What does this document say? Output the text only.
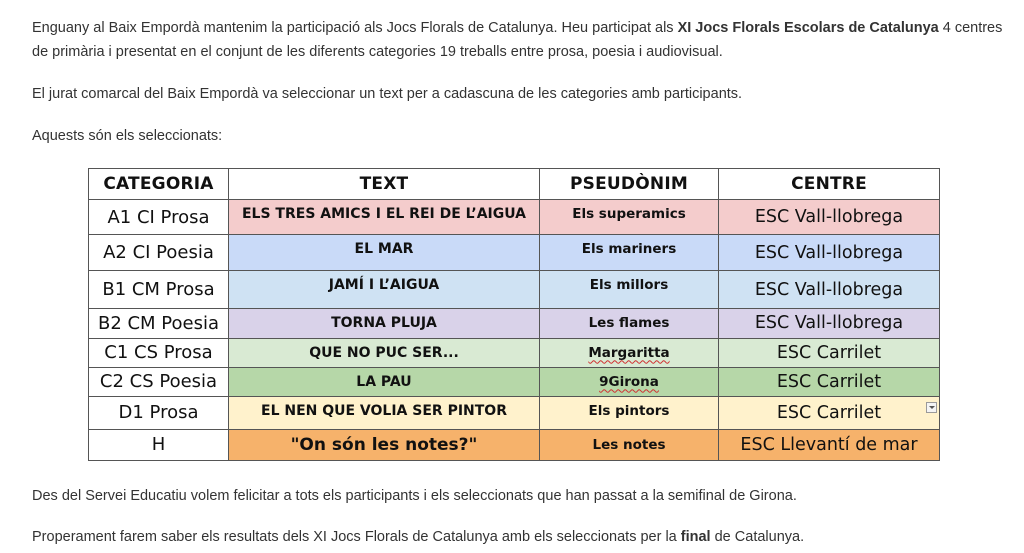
Enguany al Baix Empordà mantenim la participació als Jocs Florals de Catalunya. Heu participat als XI Jocs Florals Escolars de Catalunya 4 centres de primària i presentat en el conjunt de les diferents categories 19 treballs entre prosa, poesia i audiovisual.

El jurat comarcal del Baix Empordà va seleccionar un text per a cadascuna de les categories amb participants.

Aquests són els seleccionats:

CATEGORIA	TEXT	PSEUDÒNIM	CENTRE
A1 CI Prosa	ELS TRES AMICS I EL REI DE L’AIGUA	Els superamics	ESC Vall-llobrega
A2 CI Poesia	EL MAR	Els mariners	ESC Vall-llobrega
B1 CM Prosa	JAMÍ I L’AIGUA	Els millors	ESC Vall-llobrega
B2 CM Poesia	TORNA PLUJA	Les flames	ESC Vall-llobrega
C1 CS Prosa	QUE NO PUC SER...	Margaritta	ESC Carrilet
C2 CS Poesia	LA PAU	9Girona	ESC Carrilet
D1 Prosa	EL NEN QUE VOLIA SER PINTOR	Els pintors	ESC Carrilet

H	"On són les notes?"	Les notes	ESC Llevantí de mar

Des del Servei Educatiu volem felicitar a tots els participants i els seleccionats que han passat a la semifinal de Girona.

Properament farem saber els resultats dels XI Jocs Florals de Catalunya amb els seleccionats per la final de Catalunya.
